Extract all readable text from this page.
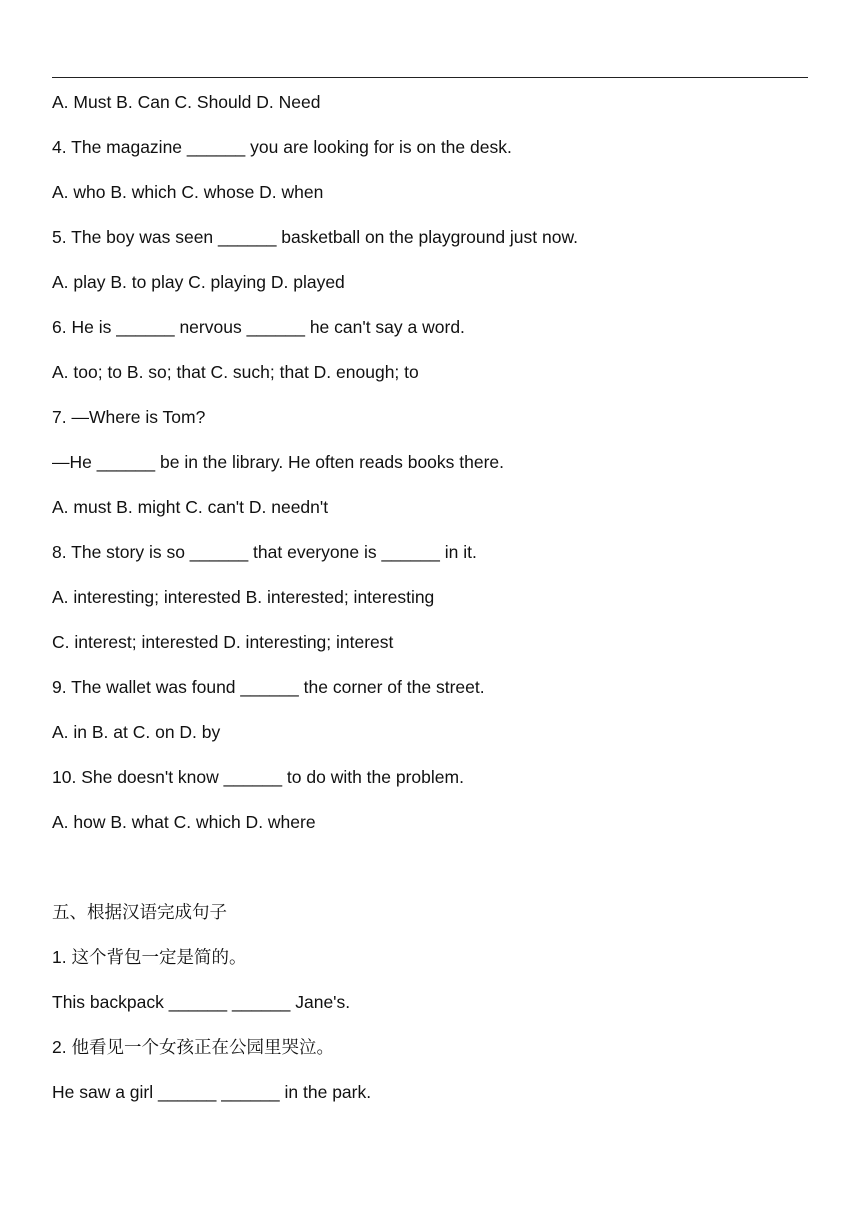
A. Must B. Can C. Should D. Need
4. The magazine ______ you are looking for is on the desk.
A. who B. which C. whose D. when
5. The boy was seen ______ basketball on the playground just now.
A. play B. to play C. playing D. played
6. He is ______ nervous ______ he can't say a word.
A. too; to B. so; that C. such; that D. enough; to
7. —Where is Tom?
—He ______ be in the library. He often reads books there.
A. must B. might C. can't D. needn't
8. The story is so ______ that everyone is ______ in it.
A. interesting; interested B. interested; interesting
C. interest; interested D. interesting; interest
9. The wallet was found ______ the corner of the street.
A. in B. at C. on D. by
10. She doesn't know ______ to do with the problem.
A. how B. what C. which D. where
五、根据汉语完成句子
1. 这个背包一定是简的。
This backpack ______ ______ Jane's.
2. 他看见一个女孩正在公园里哭泣。
He saw a girl ______ ______ in the park.
